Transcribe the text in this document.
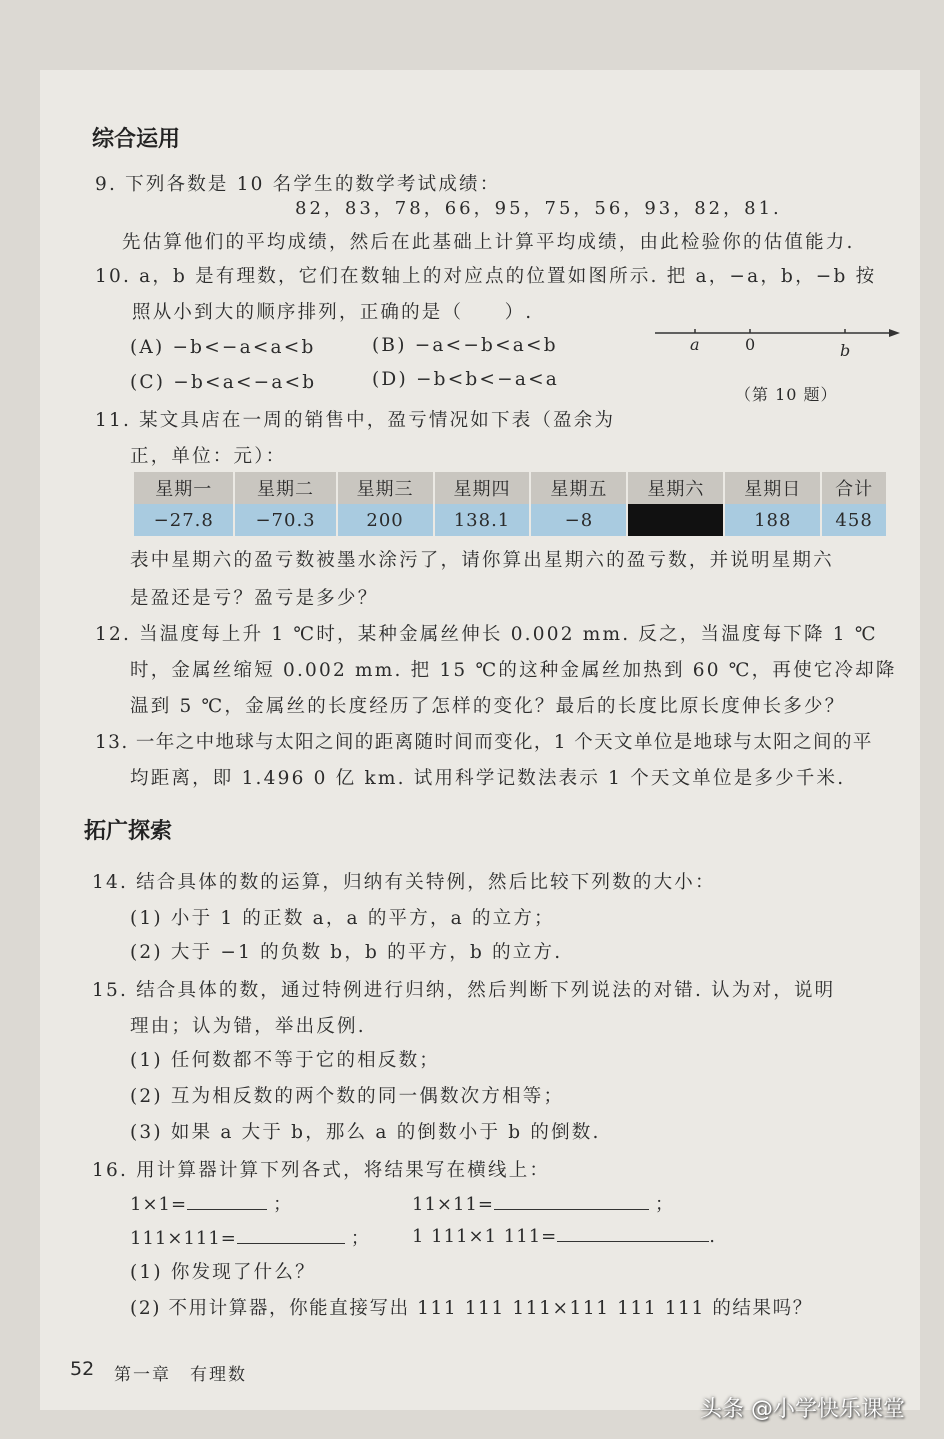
综合运用
9. 下列各数是 10 名学生的数学考试成绩：
82，83，78，66，95，75，56，93，82，81.
先估算他们的平均成绩，然后在此基础上计算平均成绩，由此检验你的估值能力.
10. a，b 是有理数，它们在数轴上的对应点的位置如图所示. 把 a，−a，b，−b 按
照从小到大的顺序排列，正确的是（　　）.
(A) −b<−a<a<b	(B) −a<−b<a<b
(C) −b<a<−a<b	(D) −b<b<−a<a
a	0	b
（第 10 题）
11. 某文具店在一周的销售中，盈亏情况如下表（盈余为
正，单位：元）：
星期一	星期二	星期三	星期四	星期五	星期六	星期日	合计
−27.8	−70.3	200	138.1	−8		188	458
表中星期六的盈亏数被墨水涂污了，请你算出星期六的盈亏数，并说明星期六
是盈还是亏？盈亏是多少？
12. 当温度每上升 1 ℃时，某种金属丝伸长 0.002 mm. 反之，当温度每下降 1 ℃
时，金属丝缩短 0.002 mm. 把 15 ℃的这种金属丝加热到 60 ℃，再使它冷却降
温到 5 ℃，金属丝的长度经历了怎样的变化？最后的长度比原长度伸长多少？
13. 一年之中地球与太阳之间的距离随时间而变化，1 个天文单位是地球与太阳之间的平
均距离，即 1.496 0 亿 km. 试用科学记数法表示 1 个天文单位是多少千米.
拓广探索
14. 结合具体的数的运算，归纳有关特例，然后比较下列数的大小：
(1) 小于 1 的正数 a，a 的平方，a 的立方；
(2) 大于 −1 的负数 b，b 的平方，b 的立方.
15. 结合具体的数，通过特例进行归纳，然后判断下列说法的对错. 认为对，说明
理由；认为错，举出反例.
(1) 任何数都不等于它的相反数；
(2) 互为相反数的两个数的同一偶数次方相等；
(3) 如果 a 大于 b，那么 a 的倒数小于 b 的倒数.
16. 用计算器计算下列各式，将结果写在横线上：
1×1=	；	11×11=	；
111×111=	； 1 111×1 111=	.
(1) 你发现了什么？
(2) 不用计算器，你能直接写出 111 111 111×111 111 111 的结果吗？
52 第一章　有理数
头条 @小学快乐课堂
